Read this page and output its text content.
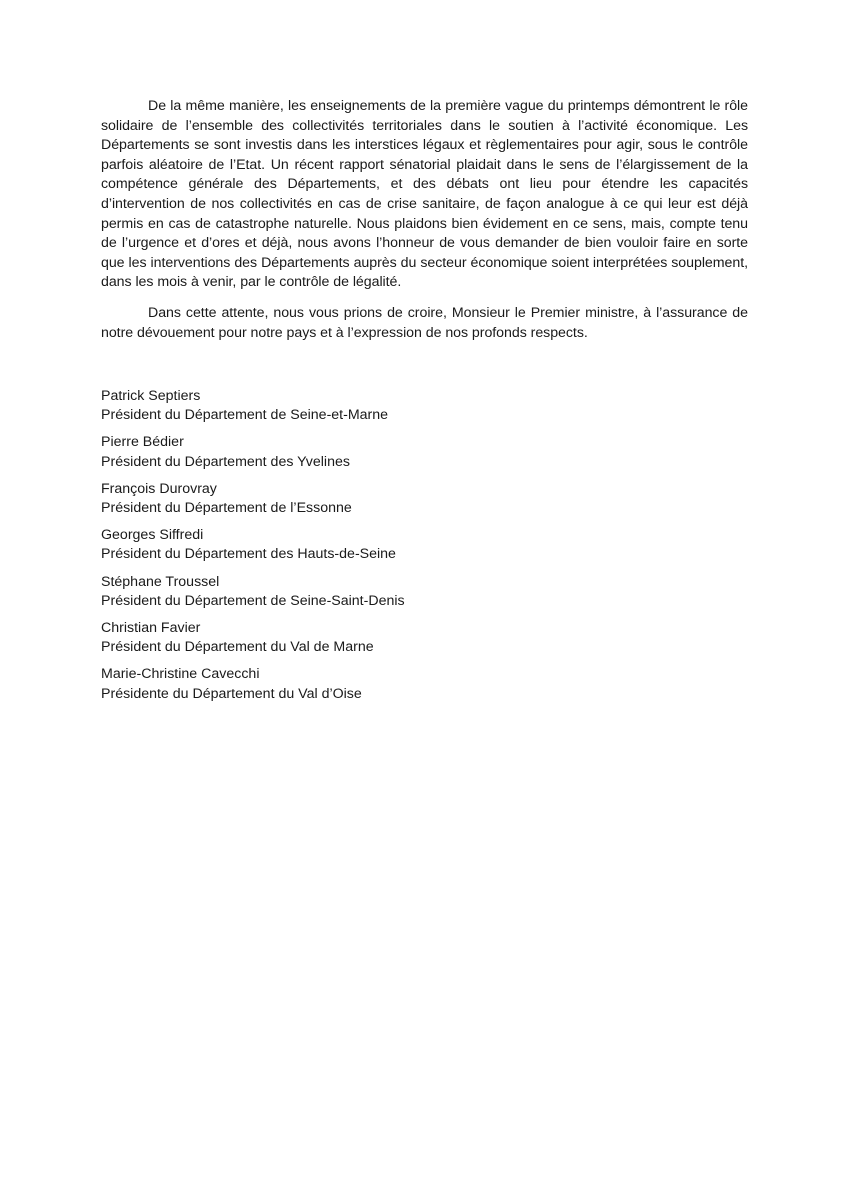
De la même manière, les enseignements de la première vague du printemps démontrent le rôle solidaire de l’ensemble des collectivités territoriales dans le soutien à l’activité économique. Les Départements se sont investis dans les interstices légaux et règlementaires pour agir, sous le contrôle parfois aléatoire de l’Etat. Un récent rapport sénatorial plaidait dans le sens de l’élargissement de la compétence générale des Départements, et des débats ont lieu pour étendre les capacités d’intervention de nos collectivités en cas de crise sanitaire, de façon analogue à ce qui leur est déjà permis en cas de catastrophe naturelle. Nous plaidons bien évidement en ce sens, mais, compte tenu de l’urgence et d’ores et déjà, nous avons l’honneur de vous demander de bien vouloir faire en sorte que les interventions des Départements auprès du secteur économique soient interprétées souplement, dans les mois à venir, par le contrôle de légalité.

Dans cette attente, nous vous prions de croire, Monsieur le Premier ministre, à l’assurance de notre dévouement pour notre pays et à l’expression de nos profonds respects.

Patrick Septiers
Président du Département de Seine-et-Marne
Pierre Bédier
Président du Département des Yvelines
François Durovray
Président du Département de l’Essonne
Georges Siffredi
Président du Département des Hauts-de-Seine
Stéphane Troussel
Président du Département de Seine-Saint-Denis
Christian Favier
Président du Département du Val de Marne
Marie-Christine Cavecchi
Présidente du Département du Val d’Oise
